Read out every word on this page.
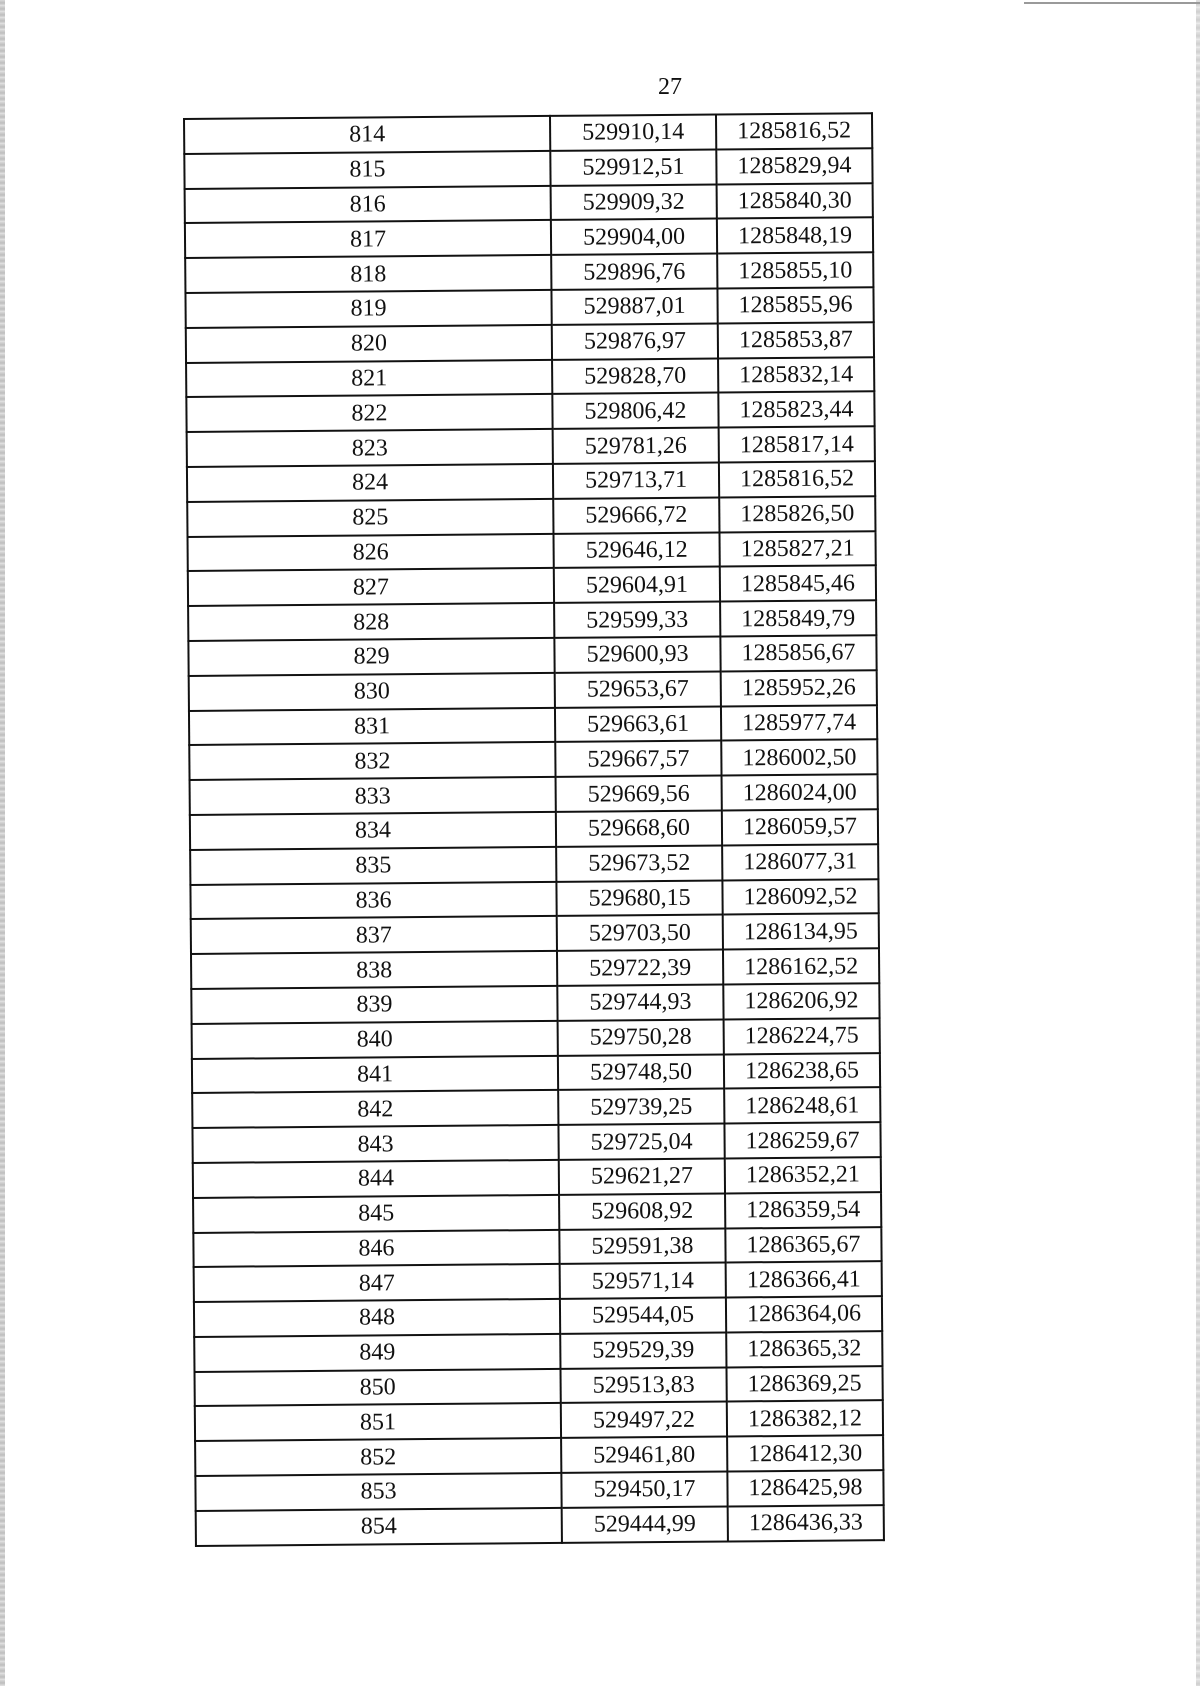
27
814	529910,14	1285816,52
815	529912,51	1285829,94
816	529909,32	1285840,30
817	529904,00	1285848,19
818	529896,76	1285855,10
819	529887,01	1285855,96
820	529876,97	1285853,87
821	529828,70	1285832,14
822	529806,42	1285823,44
823	529781,26	1285817,14
824	529713,71	1285816,52
825	529666,72	1285826,50
826	529646,12	1285827,21
827	529604,91	1285845,46
828	529599,33	1285849,79
829	529600,93	1285856,67
830	529653,67	1285952,26
831	529663,61	1285977,74
832	529667,57	1286002,50
833	529669,56	1286024,00
834	529668,60	1286059,57
835	529673,52	1286077,31
836	529680,15	1286092,52
837	529703,50	1286134,95
838	529722,39	1286162,52
839	529744,93	1286206,92
840	529750,28	1286224,75
841	529748,50	1286238,65
842	529739,25	1286248,61
843	529725,04	1286259,67
844	529621,27	1286352,21
845	529608,92	1286359,54
846	529591,38	1286365,67
847	529571,14	1286366,41
848	529544,05	1286364,06
849	529529,39	1286365,32
850	529513,83	1286369,25
851	529497,22	1286382,12
852	529461,80	1286412,30
853	529450,17	1286425,98
854	529444,99	1286436,33
